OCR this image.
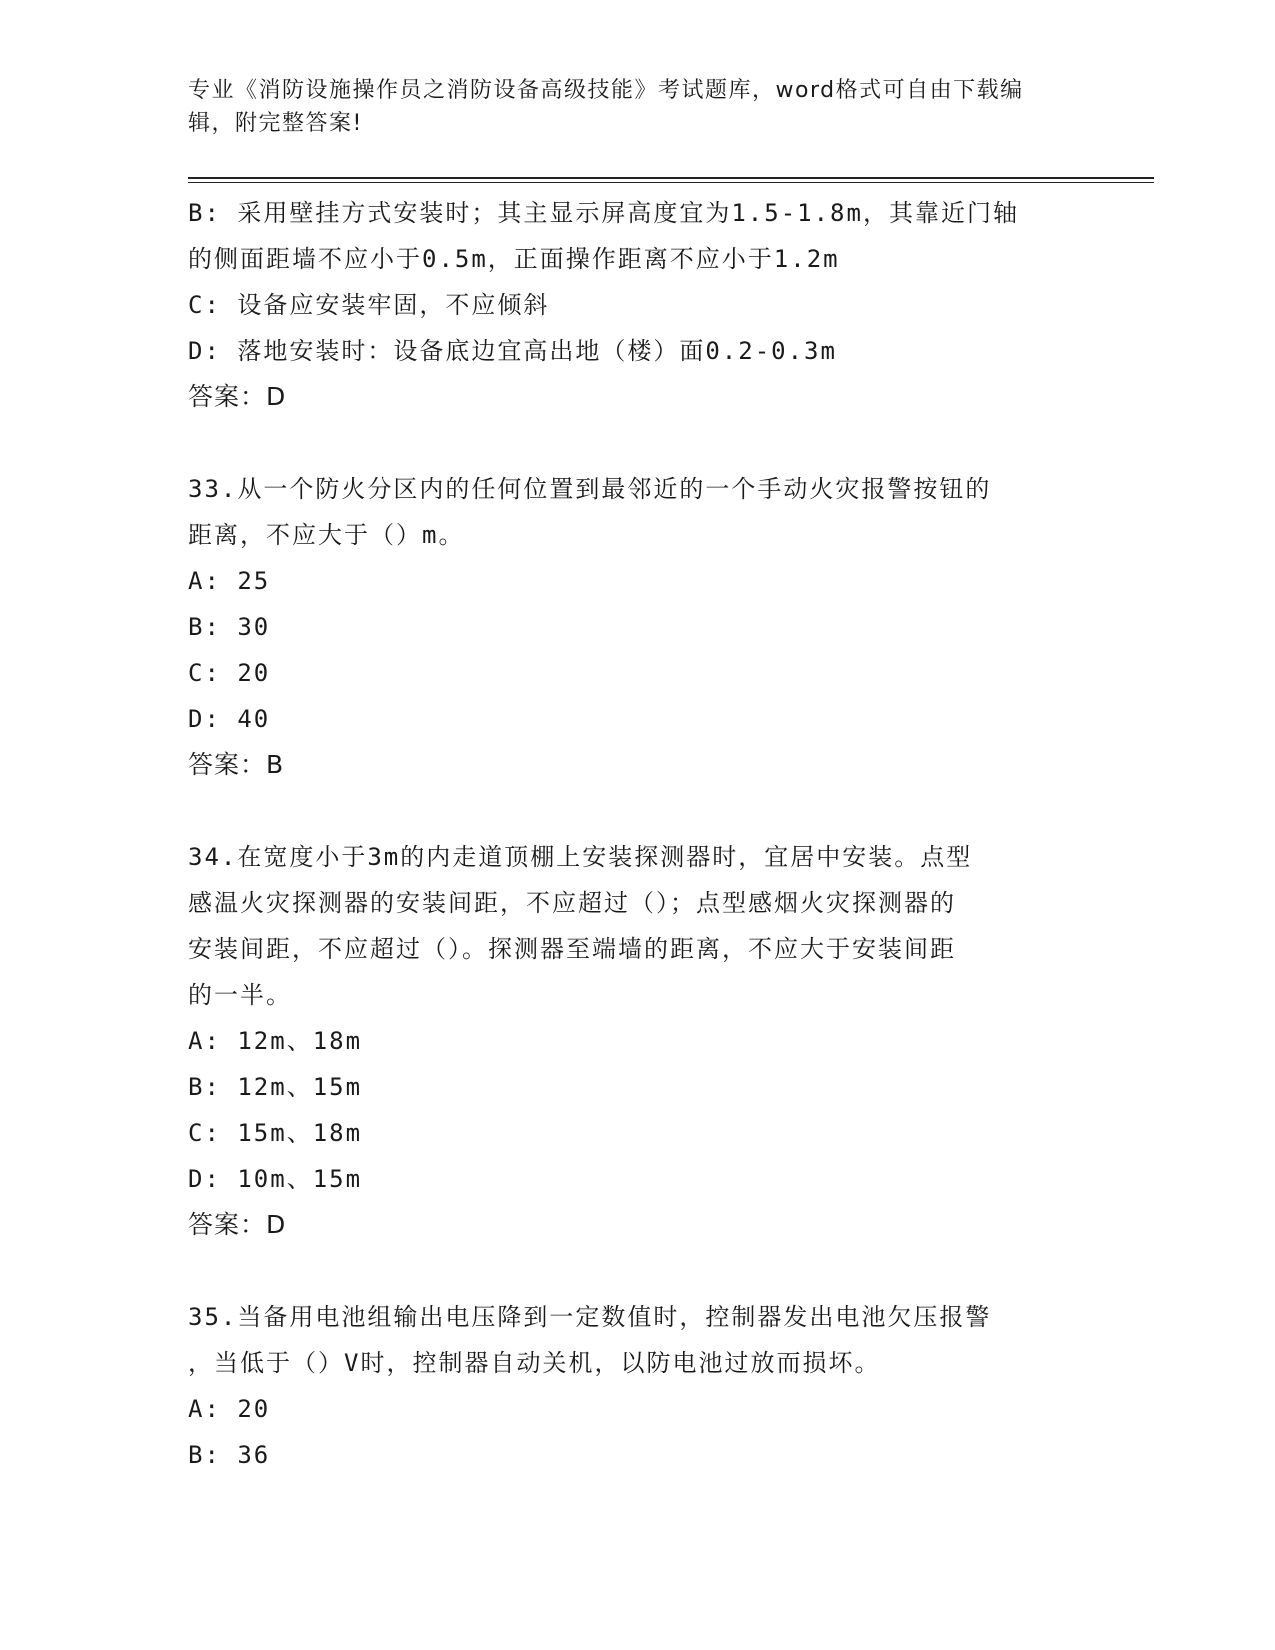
专业《消防设施操作员之消防设备高级技能》考试题库，word格式可自由下载编
辑，附完整答案!
B: 采用壁挂方式安装时；其主显示屏高度宜为1.5-1.8m，其靠近门轴
的侧面距墙不应小于0.5m，正面操作距离不应小于1.2m
C: 设备应安装牢固，不应倾斜
D: 落地安装时：设备底边宜高出地（楼）面0.2-0.3m
答案：D
33.从一个防火分区内的任何位置到最邻近的一个手动火灾报警按钮的
距离，不应大于（）m。
A: 25
B: 30
C: 20
D: 40
答案：B
34.在宽度小于3m的内走道顶棚上安装探测器时，宜居中安装。点型
感温火灾探测器的安装间距，不应超过（）；点型感烟火灾探测器的
安装间距，不应超过（）。探测器至端墙的距离，不应大于安装间距
的一半。
A: 12m、18m
B: 12m、15m
C: 15m、18m
D: 10m、15m
答案：D
35.当备用电池组输出电压降到一定数值时，控制器发出电池欠压报警
，当低于（）V时，控制器自动关机，以防电池过放而损坏。
A: 20
B: 36
